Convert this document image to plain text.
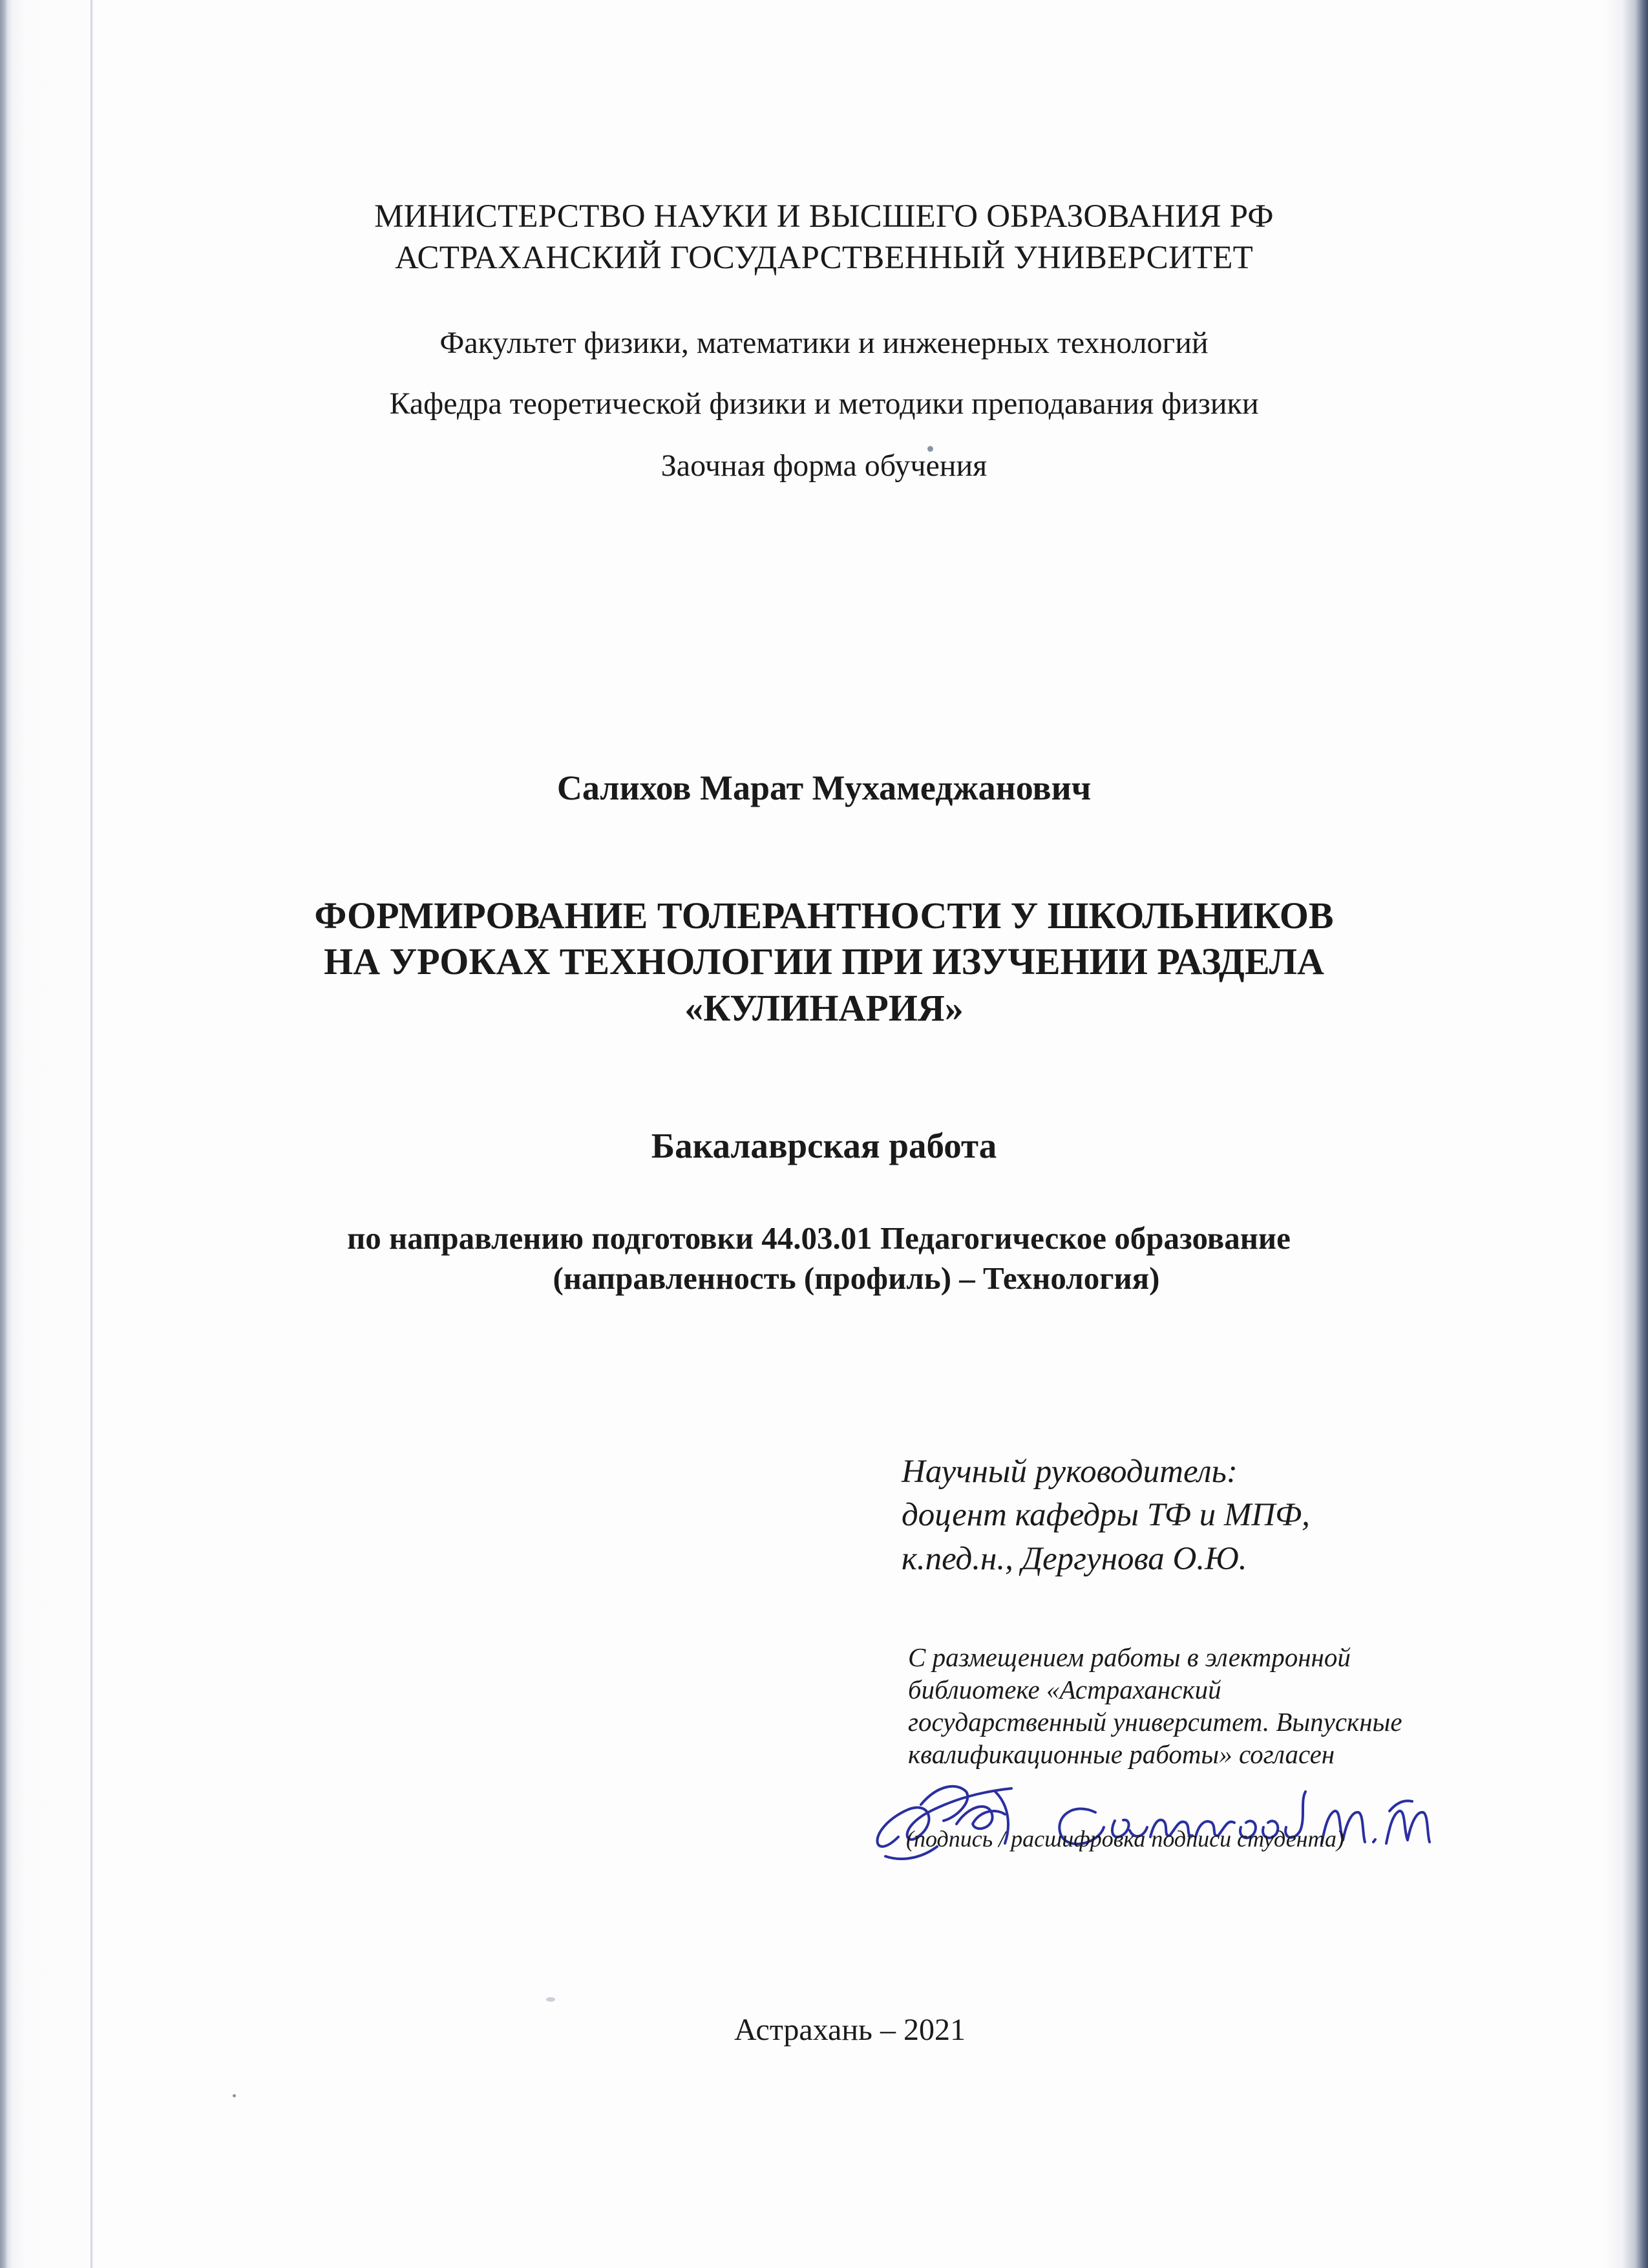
МИНИСТЕРСТВО НАУКИ И ВЫСШЕГО ОБРАЗОВАНИЯ РФ
АСТРАХАНСКИЙ ГОСУДАРСТВЕННЫЙ УНИВЕРСИТЕТ
Факультет физики, математики и инженерных технологий
Кафедра теоретической физики и методики преподавания физики
Заочная форма обучения
Салихов Марат Мухамеджанович
ФОРМИРОВАНИЕ ТОЛЕРАНТНОСТИ У ШКОЛЬНИКОВ
НА УРОКАХ ТЕХНОЛОГИИ ПРИ ИЗУЧЕНИИ РАЗДЕЛА
«КУЛИНАРИЯ»
Бакалаврская работа
по направлению подготовки 44.03.01 Педагогическое образование
(направленность (профиль) – Технология)
Научный руководитель:
доцент кафедры ТФ и МПФ,
к.пед.н., Дергунова О.Ю.
С размещением работы в электронной
библиотеке «Астраханский
государственный университет. Выпускные
квалификационные работы» согласен
(подпись / расшифровка подписи студента)
Астрахань – 2021
